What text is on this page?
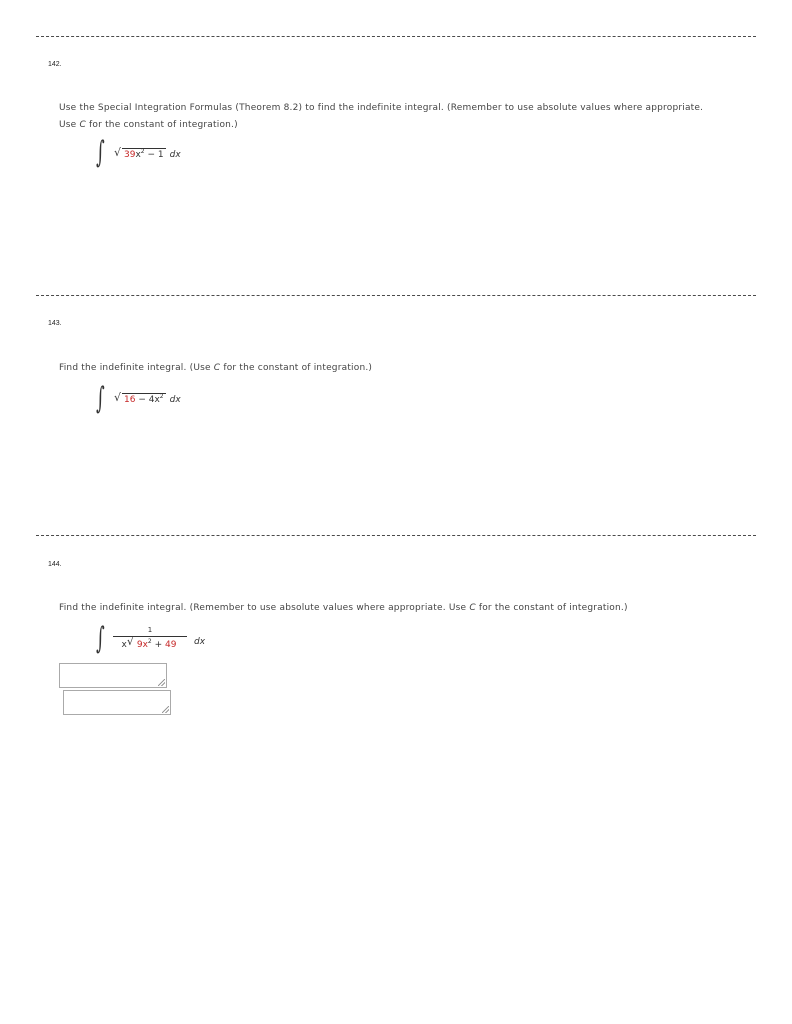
142.
Use the Special Integration Formulas (Theorem 8.2) to find the indefinite integral. (Remember to use absolute values where appropriate. Use C for the constant of integration.)
∫ √ $39x^2 - 1$ dx
143.
Find the indefinite integral. (Use C for the constant of integration.)
∫ √ $16 - 4x^2$ dx
144.
Find the indefinite integral. (Remember to use absolute values where appropriate. Use C for the constant of integration.)
∫	1
x √ $9x^2 + 49$	dx
